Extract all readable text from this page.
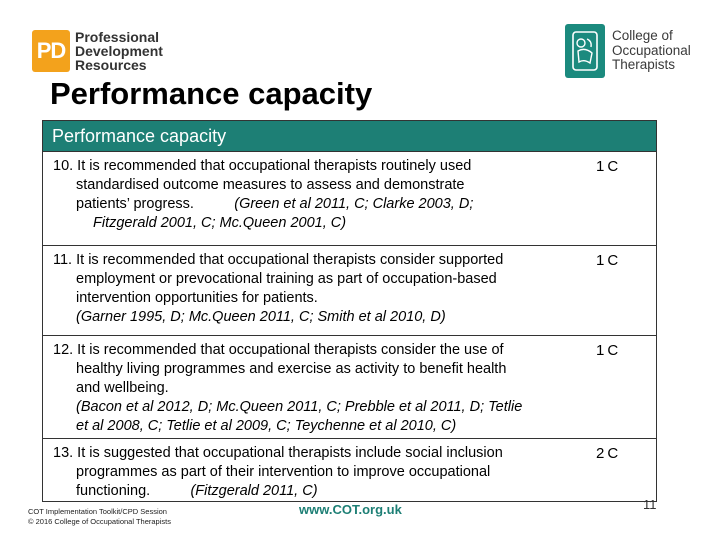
PD
Professional
Development
Resources
College of
Occupational
Therapists
Performance capacity
Performance capacity

10. It is recommended that occupational therapists routinely used

standardised outcome measures to assess and demonstrate

patients’ progress.	(Green et al 2011, C; Clarke 2003, D;

Fitzgerald 2001, C; Mc.Queen 2001, C)

1C

11. It is recommended that occupational therapists consider supported

employment or prevocational training as part of occupation-based

intervention opportunities for patients.

(Garner 1995, D; Mc.Queen 2011, C; Smith et al 2010, D)

1C

12. It is recommended that occupational therapists consider the use of

healthy living programmes and exercise as activity to benefit health

and wellbeing.

(Bacon et al 2012, D; Mc.Queen 2011, C; Prebble et al 2011, D; Tetlie

et al 2008, C; Tetlie et al 2009, C; Teychenne et al 2010, C)

1C

13. It is suggested that occupational therapists include social inclusion

programmes as part of their intervention to improve occupational

functioning.	(Fitzgerald 2011, C)

2C
COT Implementation Toolkit/CPD Session
© 2016 College of Occupational Therapists
www.COT.org.uk	11
